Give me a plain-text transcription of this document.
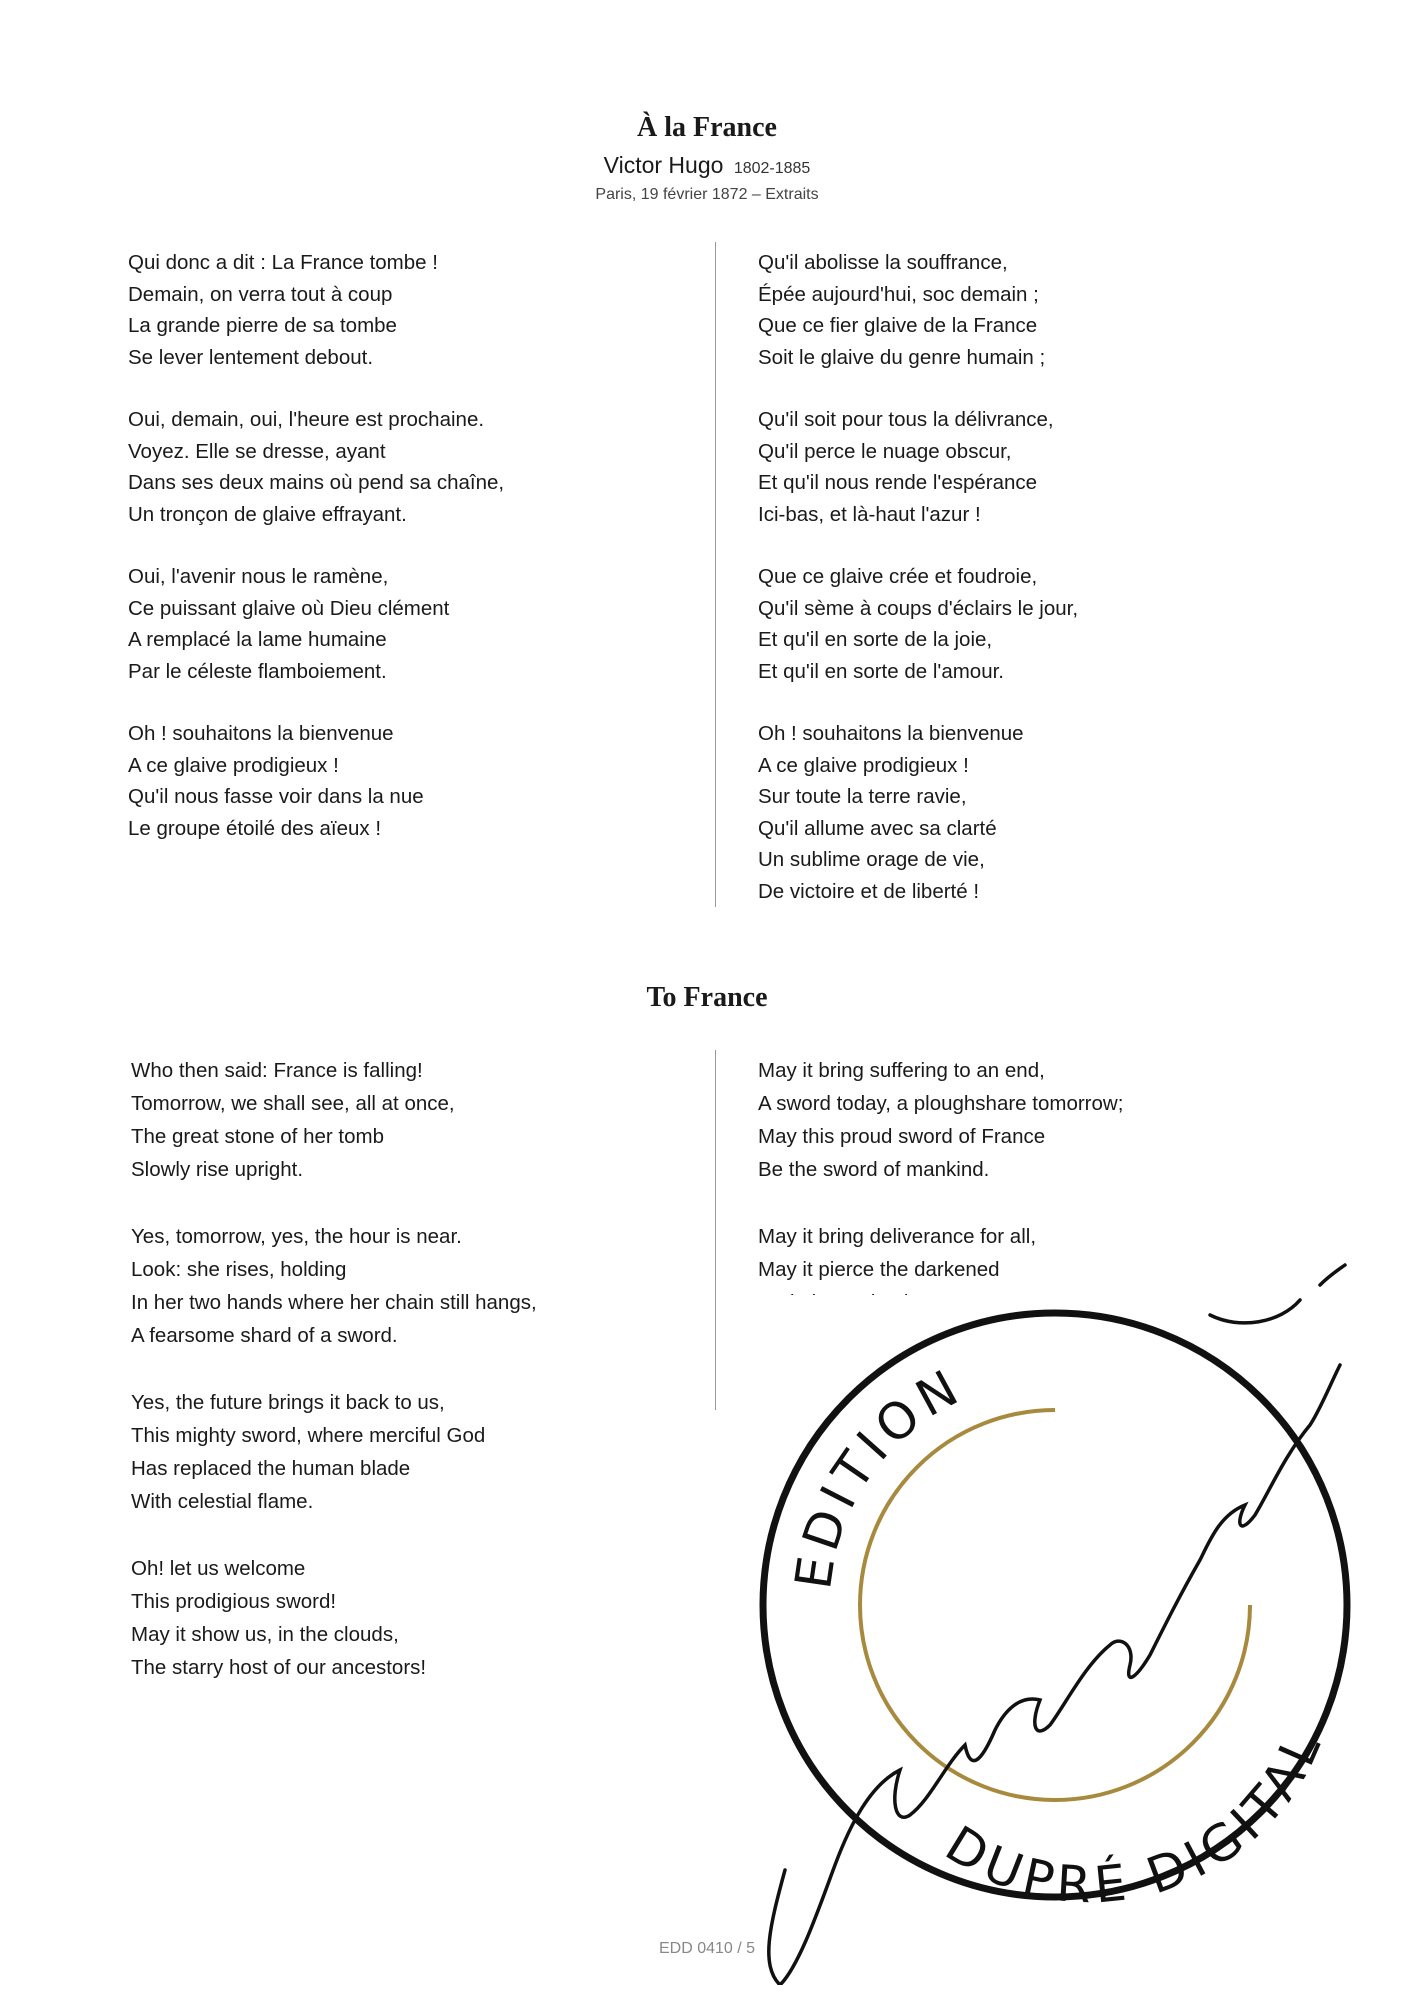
À la France
Victor Hugo 1802-1885
Paris, 19 février 1872 – Extraits
Qui donc a dit : La France tombe !
Demain, on verra tout à coup
La grande pierre de sa tombe
Se lever lentement debout.
Oui, demain, oui, l'heure est prochaine.
Voyez. Elle se dresse, ayant
Dans ses deux mains où pend sa chaîne,
Un tronçon de glaive effrayant.
Oui, l'avenir nous le ramène,
Ce puissant glaive où Dieu clément
A remplacé la lame humaine
Par le céleste flamboiement.
Oh ! souhaitons la bienvenue
A ce glaive prodigieux !
Qu'il nous fasse voir dans la nue
Le groupe étoilé des aïeux !
Qu'il abolisse la souffrance,
Épée aujourd'hui, soc demain ;
Que ce fier glaive de la France
Soit le glaive du genre humain ;
Qu'il soit pour tous la délivrance,
Qu'il perce le nuage obscur,
Et qu'il nous rende l'espérance
Ici-bas, et là-haut l'azur !
Que ce glaive crée et foudroie,
Qu'il sème à coups d'éclairs le jour,
Et qu'il en sorte de la joie,
Et qu'il en sorte de l'amour.
Oh ! souhaitons la bienvenue
A ce glaive prodigieux !
Sur toute la terre ravie,
Qu'il allume avec sa clarté
Un sublime orage de vie,
De victoire et de liberté !
To France
Who then said: France is falling!
Tomorrow, we shall see, all at once,
The great stone of her tomb
Slowly rise upright.
Yes, tomorrow, yes, the hour is near.
Look: she rises, holding
In her two hands where her chain still hangs,
A fearsome shard of a sword.
Yes, the future brings it back to us,
This mighty sword, where merciful God
Has replaced the human blade
With celestial flame.
Oh! let us welcome
This prodigious sword!
May it show us, in the clouds,
The starry host of our ancestors!
May it bring suffering to an end,
A sword today, a ploughshare tomorrow;
May this proud sword of France
Be the sword of mankind.
May it bring deliverance for all,
May it pierce the darkened
EDITION
DUPRÉ DIGITAL
EDD 0410 / 5
